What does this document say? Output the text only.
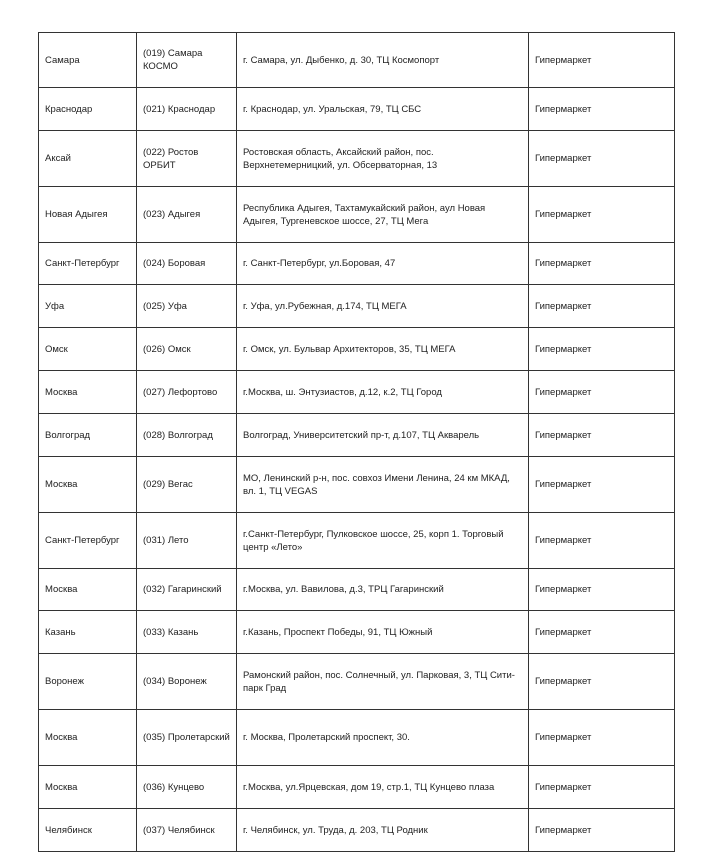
Самара	(019) Самара КОСМО	г. Самара, ул. Дыбенко, д. 30, ТЦ Космопорт	Гипермаркет
Краснодар	(021) Краснодар	г. Краснодар, ул. Уральская, 79, ТЦ СБС	Гипермаркет
Аксай	(022) Ростов ОРБИТ	Ростовская область, Аксайский район, пос. Верхнетемерницкий, ул. Обсерваторная, 13	Гипермаркет
Новая Адыгея	(023) Адыгея	Республика Адыгея, Тахтамукайский район, аул Новая Адыгея, Тургеневское шоссе, 27, ТЦ Мега	Гипермаркет
Санкт-Петербург	(024) Боровая	г. Санкт-Петербург, ул.Боровая, 47	Гипермаркет
Уфа	(025) Уфа	г. Уфа, ул.Рубежная, д.174, ТЦ МЕГА	Гипермаркет
Омск	(026) Омск	г. Омск, ул. Бульвар Архитекторов, 35, ТЦ МЕГА	Гипермаркет
Москва	(027) Лефортово	г.Москва, ш. Энтузиастов, д.12, к.2, ТЦ Город	Гипермаркет
Волгоград	(028) Волгоград	Волгоград, Университетский пр-т, д.107, ТЦ Акварель	Гипермаркет
Москва	(029) Вегас	МО, Ленинский р-н, пос. совхоз Имени Ленина, 24 км МКАД, вл. 1, ТЦ VEGAS	Гипермаркет
Санкт-Петербург	(031) Лето	г.Санкт-Петербург, Пулковское шоссе, 25, корп 1. Торговый центр «Лето»	Гипермаркет
Москва	(032) Гагаринский	г.Москва, ул. Вавилова, д.3, ТРЦ Гагаринский	Гипермаркет
Казань	(033) Казань	г.Казань, Проспект Победы, 91, ТЦ Южный	Гипермаркет
Воронеж	(034) Воронеж	Рамонский район, пос. Солнечный, ул. Парковая, 3, ТЦ Сити-парк Град	Гипермаркет
Москва	(035) Пролетарский	г. Москва, Пролетарский проспект, 30.	Гипермаркет
Москва	(036) Кунцево	г.Москва, ул.Ярцевская, дом 19, стр.1, ТЦ Кунцево плаза	Гипермаркет
Челябинск	(037) Челябинск	г. Челябинск, ул. Труда, д. 203, ТЦ Родник	Гипермаркет
